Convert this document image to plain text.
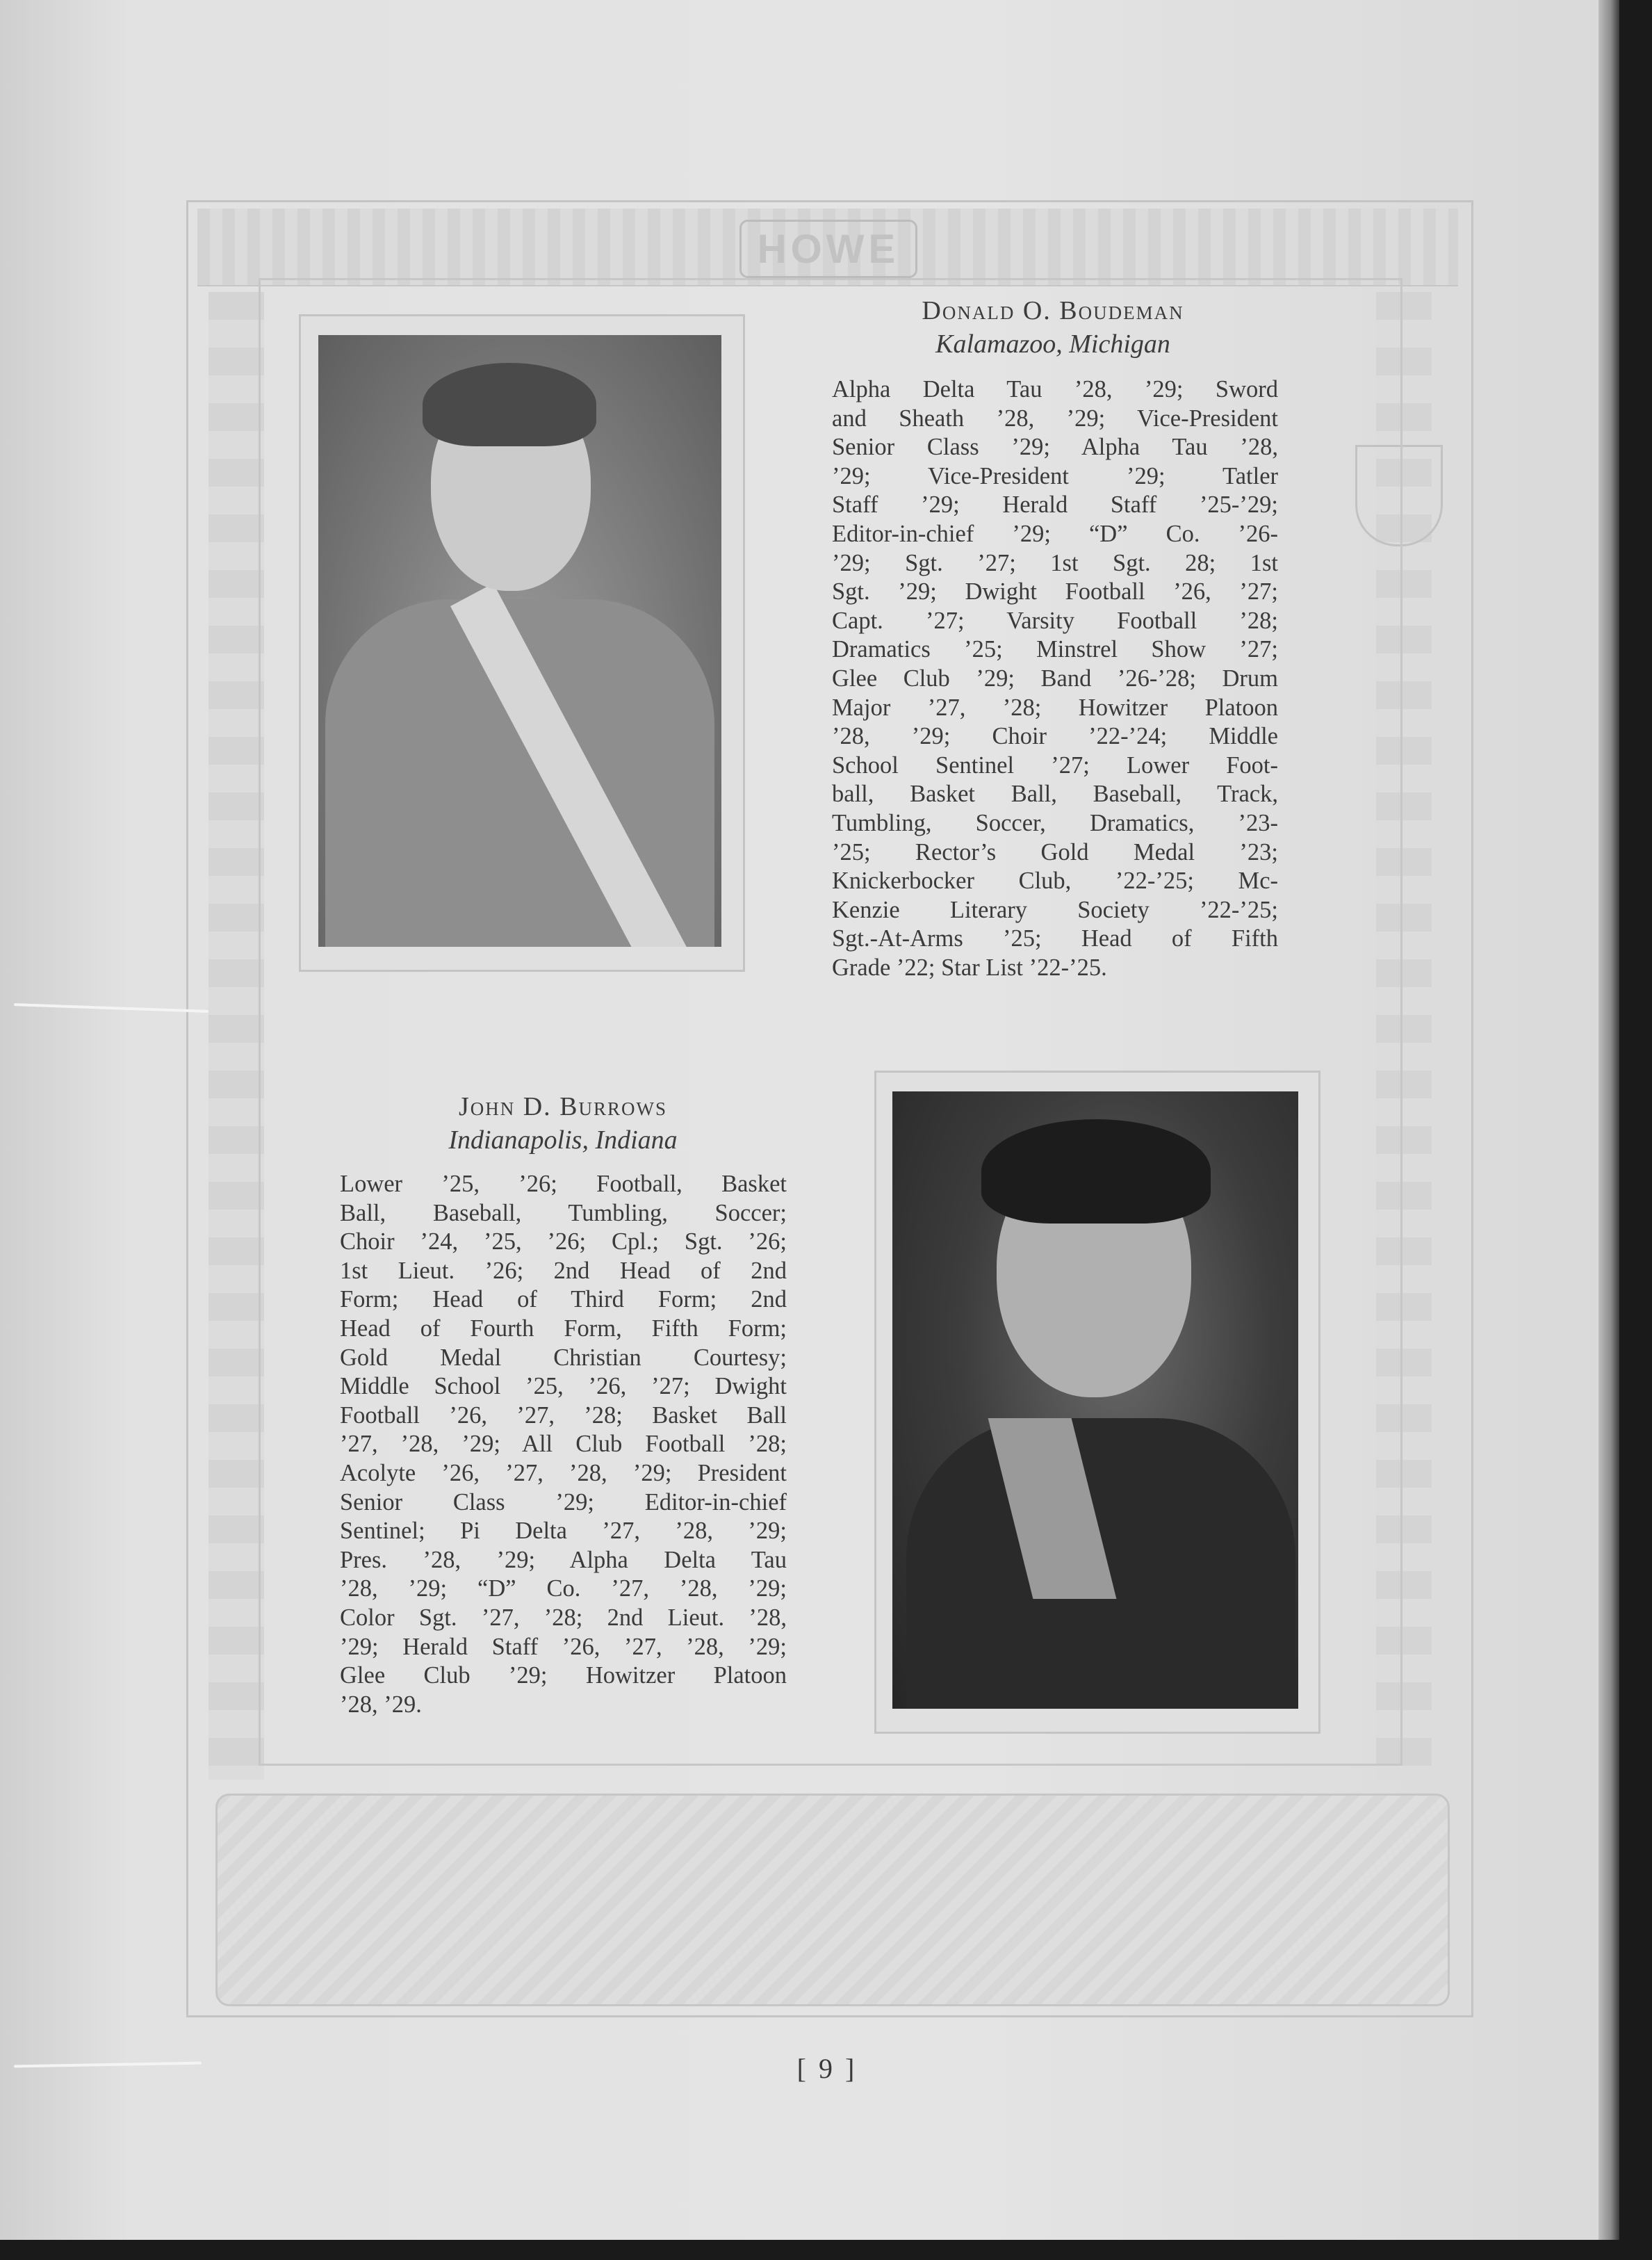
HOWE
Donald O. Boudeman
Kalamazoo, Michigan
Alpha Delta Tau ’28, ’29; Sword
and Sheath ’28, ’29; Vice-President
Senior Class ’29; Alpha Tau ’28,
’29; Vice-President ’29; Tatler
Staff ’29; Herald Staff ’25-’29;
Editor-in-chief ’29; “D” Co. ’26-
’29; Sgt. ’27; 1st Sgt. 28; 1st
Sgt. ’29; Dwight Football ’26, ’27;
Capt. ’27; Varsity Football ’28;
Dramatics ’25; Minstrel Show ’27;
Glee Club ’29; Band ’26-’28; Drum
Major ’27, ’28; Howitzer Platoon
’28, ’29; Choir ’22-’24; Middle
School Sentinel ’27; Lower Foot-
ball, Basket Ball, Baseball, Track,
Tumbling, Soccer, Dramatics, ’23-
’25; Rector’s Gold Medal ’23;
Knickerbocker Club, ’22-’25; Mc-
Kenzie Literary Society ’22-’25;
Sgt.-At-Arms ’25; Head of Fifth
Grade ’22; Star List ’22-’25.
John D. Burrows
Indianapolis, Indiana
Lower ’25, ’26; Football, Basket
Ball, Baseball, Tumbling, Soccer;
Choir ’24, ’25, ’26; Cpl.; Sgt. ’26;
1st Lieut. ’26; 2nd Head of 2nd
Form; Head of Third Form; 2nd
Head of Fourth Form, Fifth Form;
Gold Medal Christian Courtesy;
Middle School ’25, ’26, ’27; Dwight
Football ’26, ’27, ’28; Basket Ball
’27, ’28, ’29; All Club Football ’28;
Acolyte ’26, ’27, ’28, ’29; President
Senior Class ’29; Editor-in-chief
Sentinel; Pi Delta ’27, ’28, ’29;
Pres. ’28, ’29; Alpha Delta Tau
’28, ’29; “D” Co. ’27, ’28, ’29;
Color Sgt. ’27, ’28; 2nd Lieut. ’28,
’29; Herald Staff ’26, ’27, ’28, ’29;
Glee Club ’29; Howitzer Platoon
’28, ’29.
[ 9 ]
